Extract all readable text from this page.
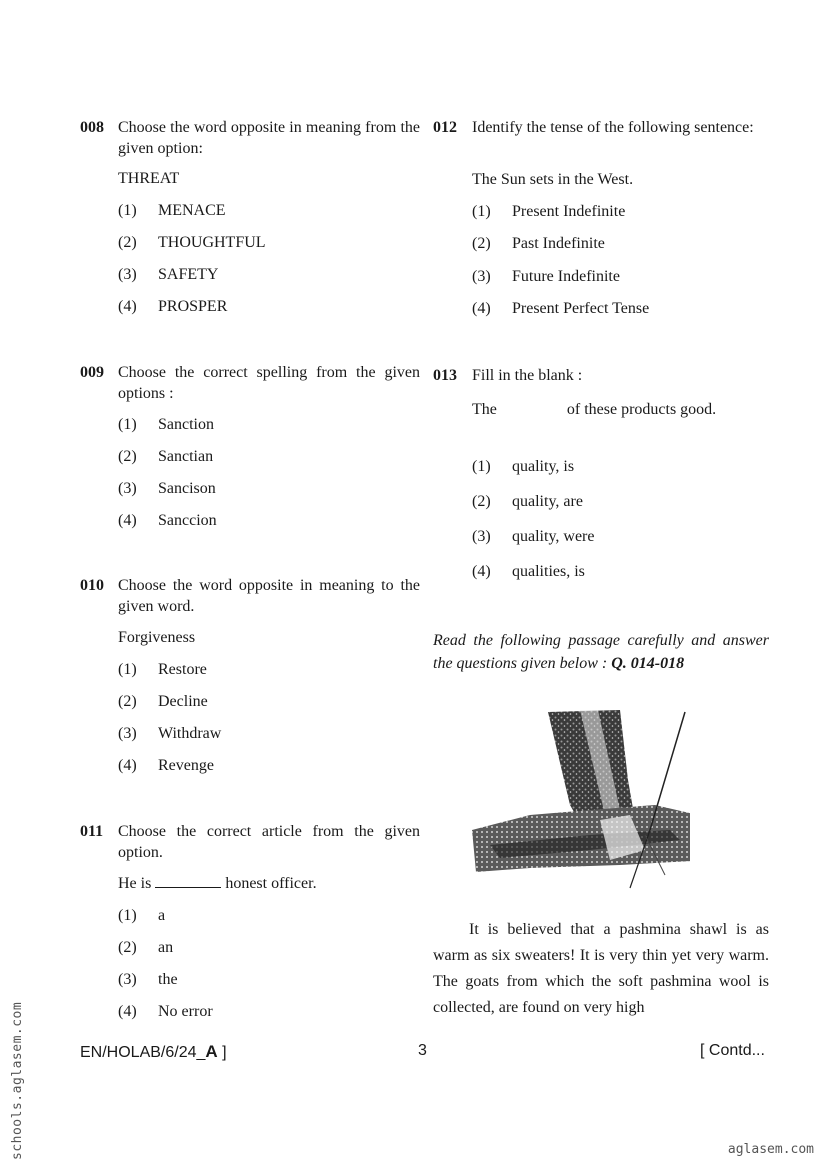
008 Choose the word opposite in meaning from the given option:
THREAT
(1)	MENACE
(2)	THOUGHTFUL
(3)	SAFETY
(4)	PROSPER
009 Choose the correct spelling from the given options :
(1)	Sanction
(2)	Sanctian
(3)	Sancison
(4)	Sanccion
010 Choose the word opposite in meaning to the given word.
Forgiveness
(1)	Restore
(2)	Decline
(3)	Withdraw
(4)	Revenge
011 Choose the correct article from the given option.
He is	honest officer.
(1)	a
(2)	an
(3)	the
(4)	No error
012 Identify the tense of the following sentence:
The Sun sets in the West.
(1)	Present Indefinite
(2)	Past Indefinite
(3)	Future Indefinite
(4)	Present Perfect Tense
013 Fill in the blank :
The	of these products good.
(1)	quality, is
(2)	quality, are
(3)	quality, were
(4)	qualities, is
Read the following passage carefully and answer the questions given below : Q. 014-018
It is believed that a pashmina shawl is as warm as six sweaters! It is very thin yet very warm. The goats from which the soft pashmina wool is collected, are found on very high
EN/HOLAB/6/24_A ]	3	[ Contd...
schools.aglasem.com	aglasem.com
